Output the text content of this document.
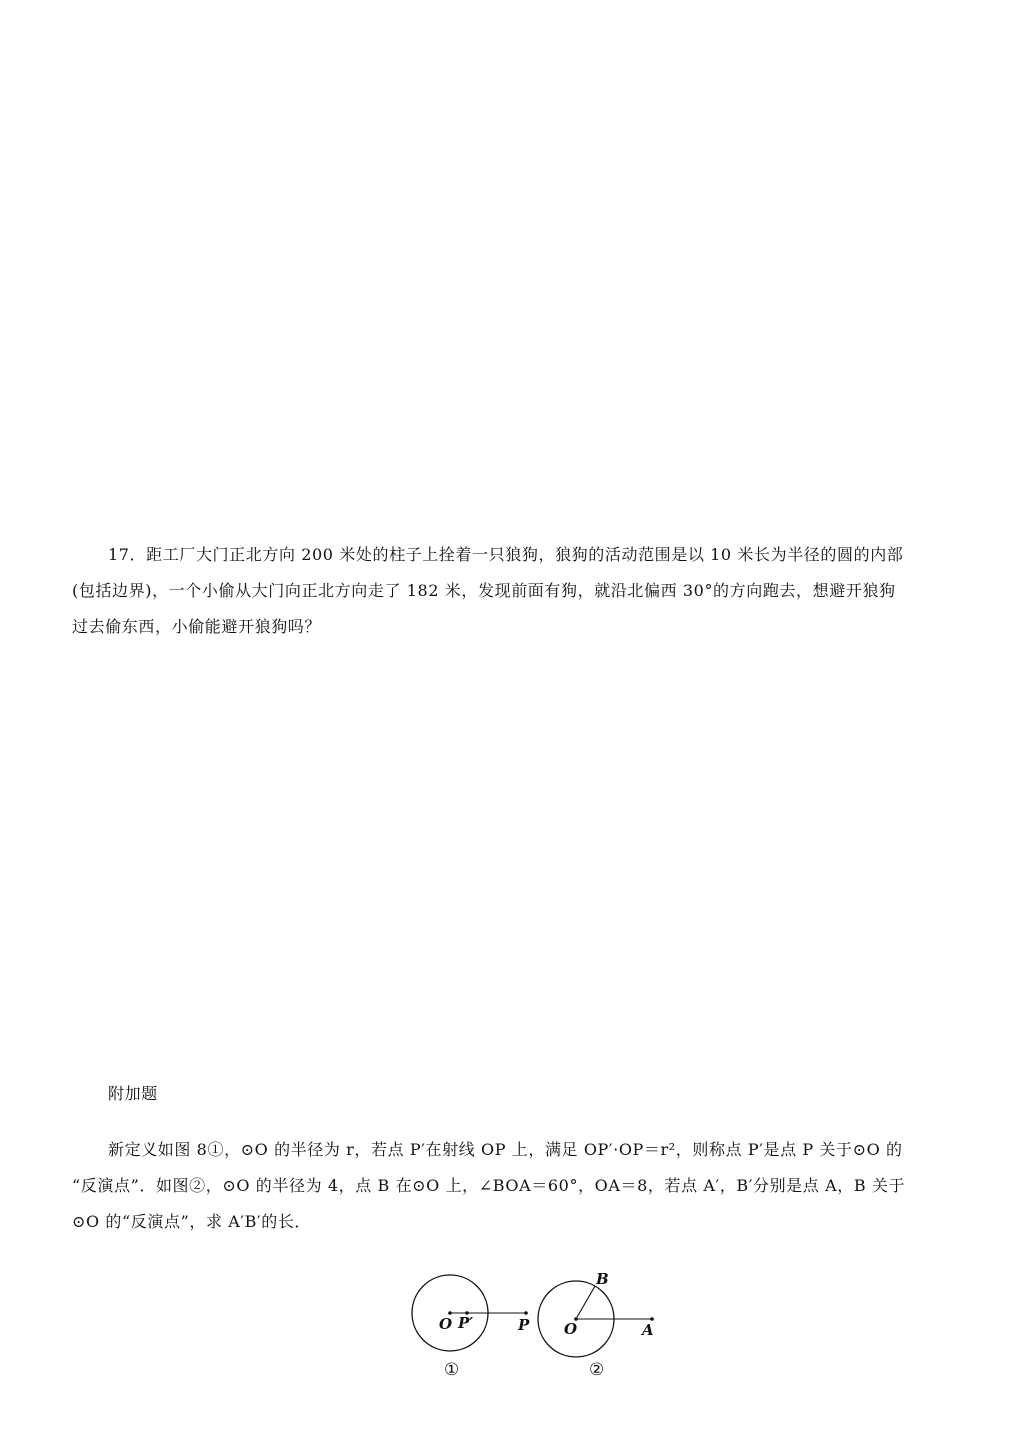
17．距工厂大门正北方向 200 米处的柱子上拴着一只狼狗，狼狗的活动范围是以 10 米长为半径的圆的内部
(包括边界)，一个小偷从大门向正北方向走了 182 米，发现前面有狗，就沿北偏西 30°的方向跑去，想避开狼狗
过去偷东西，小偷能避开狼狗吗？
附加题
新定义如图 8①，⊙O 的半径为 r，若点 P′在射线 OP 上，满足 OP′·OP＝r²，则称点 P′是点 P 关于⊙O 的
“反演点”．如图②，⊙O 的半径为 4，点 B 在⊙O 上，∠BOA＝60°，OA＝8，若点 A′，B′分别是点 A，B 关于
⊙O 的“反演点”，求 A′B′的长．
O P′	P
①
O	A
B
②
